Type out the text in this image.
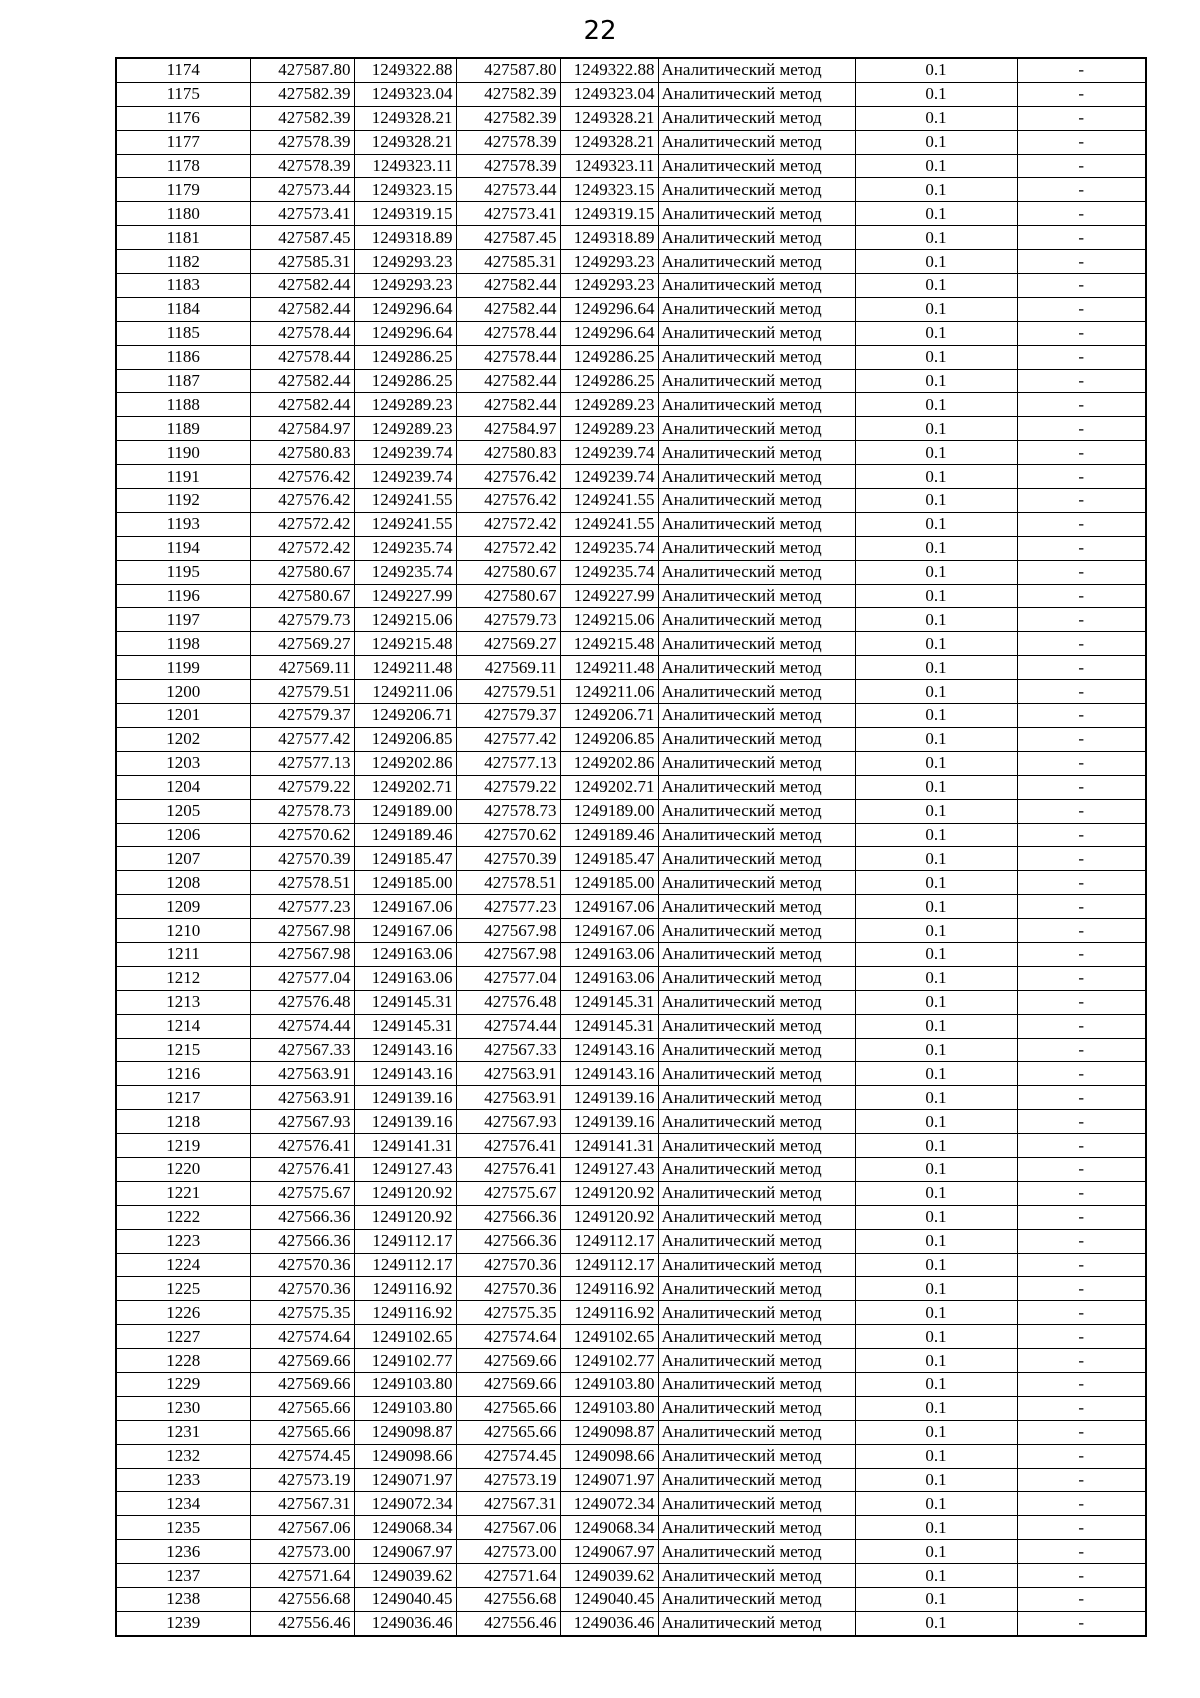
22
1174	427587.80	1249322.88	427587.80	1249322.88	Аналитический метод	0.1	-
1175	427582.39	1249323.04	427582.39	1249323.04	Аналитический метод	0.1	-
1176	427582.39	1249328.21	427582.39	1249328.21	Аналитический метод	0.1	-
1177	427578.39	1249328.21	427578.39	1249328.21	Аналитический метод	0.1	-
1178	427578.39	1249323.11	427578.39	1249323.11	Аналитический метод	0.1	-
1179	427573.44	1249323.15	427573.44	1249323.15	Аналитический метод	0.1	-
1180	427573.41	1249319.15	427573.41	1249319.15	Аналитический метод	0.1	-
1181	427587.45	1249318.89	427587.45	1249318.89	Аналитический метод	0.1	-
1182	427585.31	1249293.23	427585.31	1249293.23	Аналитический метод	0.1	-
1183	427582.44	1249293.23	427582.44	1249293.23	Аналитический метод	0.1	-
1184	427582.44	1249296.64	427582.44	1249296.64	Аналитический метод	0.1	-
1185	427578.44	1249296.64	427578.44	1249296.64	Аналитический метод	0.1	-
1186	427578.44	1249286.25	427578.44	1249286.25	Аналитический метод	0.1	-
1187	427582.44	1249286.25	427582.44	1249286.25	Аналитический метод	0.1	-
1188	427582.44	1249289.23	427582.44	1249289.23	Аналитический метод	0.1	-
1189	427584.97	1249289.23	427584.97	1249289.23	Аналитический метод	0.1	-
1190	427580.83	1249239.74	427580.83	1249239.74	Аналитический метод	0.1	-
1191	427576.42	1249239.74	427576.42	1249239.74	Аналитический метод	0.1	-
1192	427576.42	1249241.55	427576.42	1249241.55	Аналитический метод	0.1	-
1193	427572.42	1249241.55	427572.42	1249241.55	Аналитический метод	0.1	-
1194	427572.42	1249235.74	427572.42	1249235.74	Аналитический метод	0.1	-
1195	427580.67	1249235.74	427580.67	1249235.74	Аналитический метод	0.1	-
1196	427580.67	1249227.99	427580.67	1249227.99	Аналитический метод	0.1	-
1197	427579.73	1249215.06	427579.73	1249215.06	Аналитический метод	0.1	-
1198	427569.27	1249215.48	427569.27	1249215.48	Аналитический метод	0.1	-
1199	427569.11	1249211.48	427569.11	1249211.48	Аналитический метод	0.1	-
1200	427579.51	1249211.06	427579.51	1249211.06	Аналитический метод	0.1	-
1201	427579.37	1249206.71	427579.37	1249206.71	Аналитический метод	0.1	-
1202	427577.42	1249206.85	427577.42	1249206.85	Аналитический метод	0.1	-
1203	427577.13	1249202.86	427577.13	1249202.86	Аналитический метод	0.1	-
1204	427579.22	1249202.71	427579.22	1249202.71	Аналитический метод	0.1	-
1205	427578.73	1249189.00	427578.73	1249189.00	Аналитический метод	0.1	-
1206	427570.62	1249189.46	427570.62	1249189.46	Аналитический метод	0.1	-
1207	427570.39	1249185.47	427570.39	1249185.47	Аналитический метод	0.1	-
1208	427578.51	1249185.00	427578.51	1249185.00	Аналитический метод	0.1	-
1209	427577.23	1249167.06	427577.23	1249167.06	Аналитический метод	0.1	-
1210	427567.98	1249167.06	427567.98	1249167.06	Аналитический метод	0.1	-
1211	427567.98	1249163.06	427567.98	1249163.06	Аналитический метод	0.1	-
1212	427577.04	1249163.06	427577.04	1249163.06	Аналитический метод	0.1	-
1213	427576.48	1249145.31	427576.48	1249145.31	Аналитический метод	0.1	-
1214	427574.44	1249145.31	427574.44	1249145.31	Аналитический метод	0.1	-
1215	427567.33	1249143.16	427567.33	1249143.16	Аналитический метод	0.1	-
1216	427563.91	1249143.16	427563.91	1249143.16	Аналитический метод	0.1	-
1217	427563.91	1249139.16	427563.91	1249139.16	Аналитический метод	0.1	-
1218	427567.93	1249139.16	427567.93	1249139.16	Аналитический метод	0.1	-
1219	427576.41	1249141.31	427576.41	1249141.31	Аналитический метод	0.1	-
1220	427576.41	1249127.43	427576.41	1249127.43	Аналитический метод	0.1	-
1221	427575.67	1249120.92	427575.67	1249120.92	Аналитический метод	0.1	-
1222	427566.36	1249120.92	427566.36	1249120.92	Аналитический метод	0.1	-
1223	427566.36	1249112.17	427566.36	1249112.17	Аналитический метод	0.1	-
1224	427570.36	1249112.17	427570.36	1249112.17	Аналитический метод	0.1	-
1225	427570.36	1249116.92	427570.36	1249116.92	Аналитический метод	0.1	-
1226	427575.35	1249116.92	427575.35	1249116.92	Аналитический метод	0.1	-
1227	427574.64	1249102.65	427574.64	1249102.65	Аналитический метод	0.1	-
1228	427569.66	1249102.77	427569.66	1249102.77	Аналитический метод	0.1	-
1229	427569.66	1249103.80	427569.66	1249103.80	Аналитический метод	0.1	-
1230	427565.66	1249103.80	427565.66	1249103.80	Аналитический метод	0.1	-
1231	427565.66	1249098.87	427565.66	1249098.87	Аналитический метод	0.1	-
1232	427574.45	1249098.66	427574.45	1249098.66	Аналитический метод	0.1	-
1233	427573.19	1249071.97	427573.19	1249071.97	Аналитический метод	0.1	-
1234	427567.31	1249072.34	427567.31	1249072.34	Аналитический метод	0.1	-
1235	427567.06	1249068.34	427567.06	1249068.34	Аналитический метод	0.1	-
1236	427573.00	1249067.97	427573.00	1249067.97	Аналитический метод	0.1	-
1237	427571.64	1249039.62	427571.64	1249039.62	Аналитический метод	0.1	-
1238	427556.68	1249040.45	427556.68	1249040.45	Аналитический метод	0.1	-
1239	427556.46	1249036.46	427556.46	1249036.46	Аналитический метод	0.1	-
